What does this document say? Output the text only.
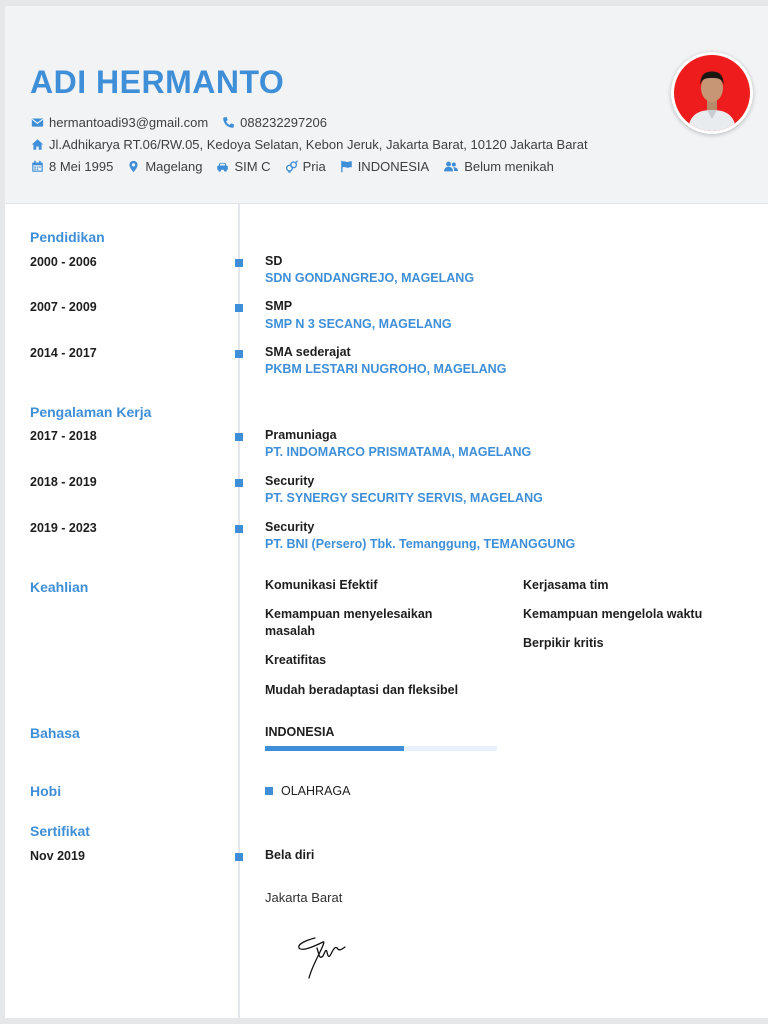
ADI HERMANTO
hermantoadi93@gmail.com 088232297206
Jl.Adhikarya RT.06/RW.05, Kedoya Selatan, Kebon Jeruk, Jakarta Barat, 10120 Jakarta Barat
8 Mei 1995 Magelang SIM C Pria INDONESIA	Belum menikah
Pendidikan
2000 - 2006	SD
SDN GONDANGREJO, MAGELANG
2007 - 2009	SMP
SMP N 3 SECANG, MAGELANG
2014 - 2017	SMA sederajat
PKBM LESTARI NUGROHO, MAGELANG
Pengalaman Kerja
2017 - 2018	Pramuniaga
PT. INDOMARCO PRISMATAMA, MAGELANG
2018 - 2019	Security
PT. SYNERGY SECURITY SERVIS, MAGELANG
2019 - 2023	Security
PT. BNI (Persero) Tbk. Temanggung, TEMANGGUNG
Keahlian	Komunikasi Efektif
Kemampuan menyelesaikan masalah
Kreatifitas
Mudah beradaptasi dan fleksibel
Kerjasama tim
Kemampuan mengelola waktu
Berpikir kritis
Bahasa	INDONESIA
Hobi	OLAHRAGA
Sertifikat
Nov 2019	Bela diri
Jakarta Barat
